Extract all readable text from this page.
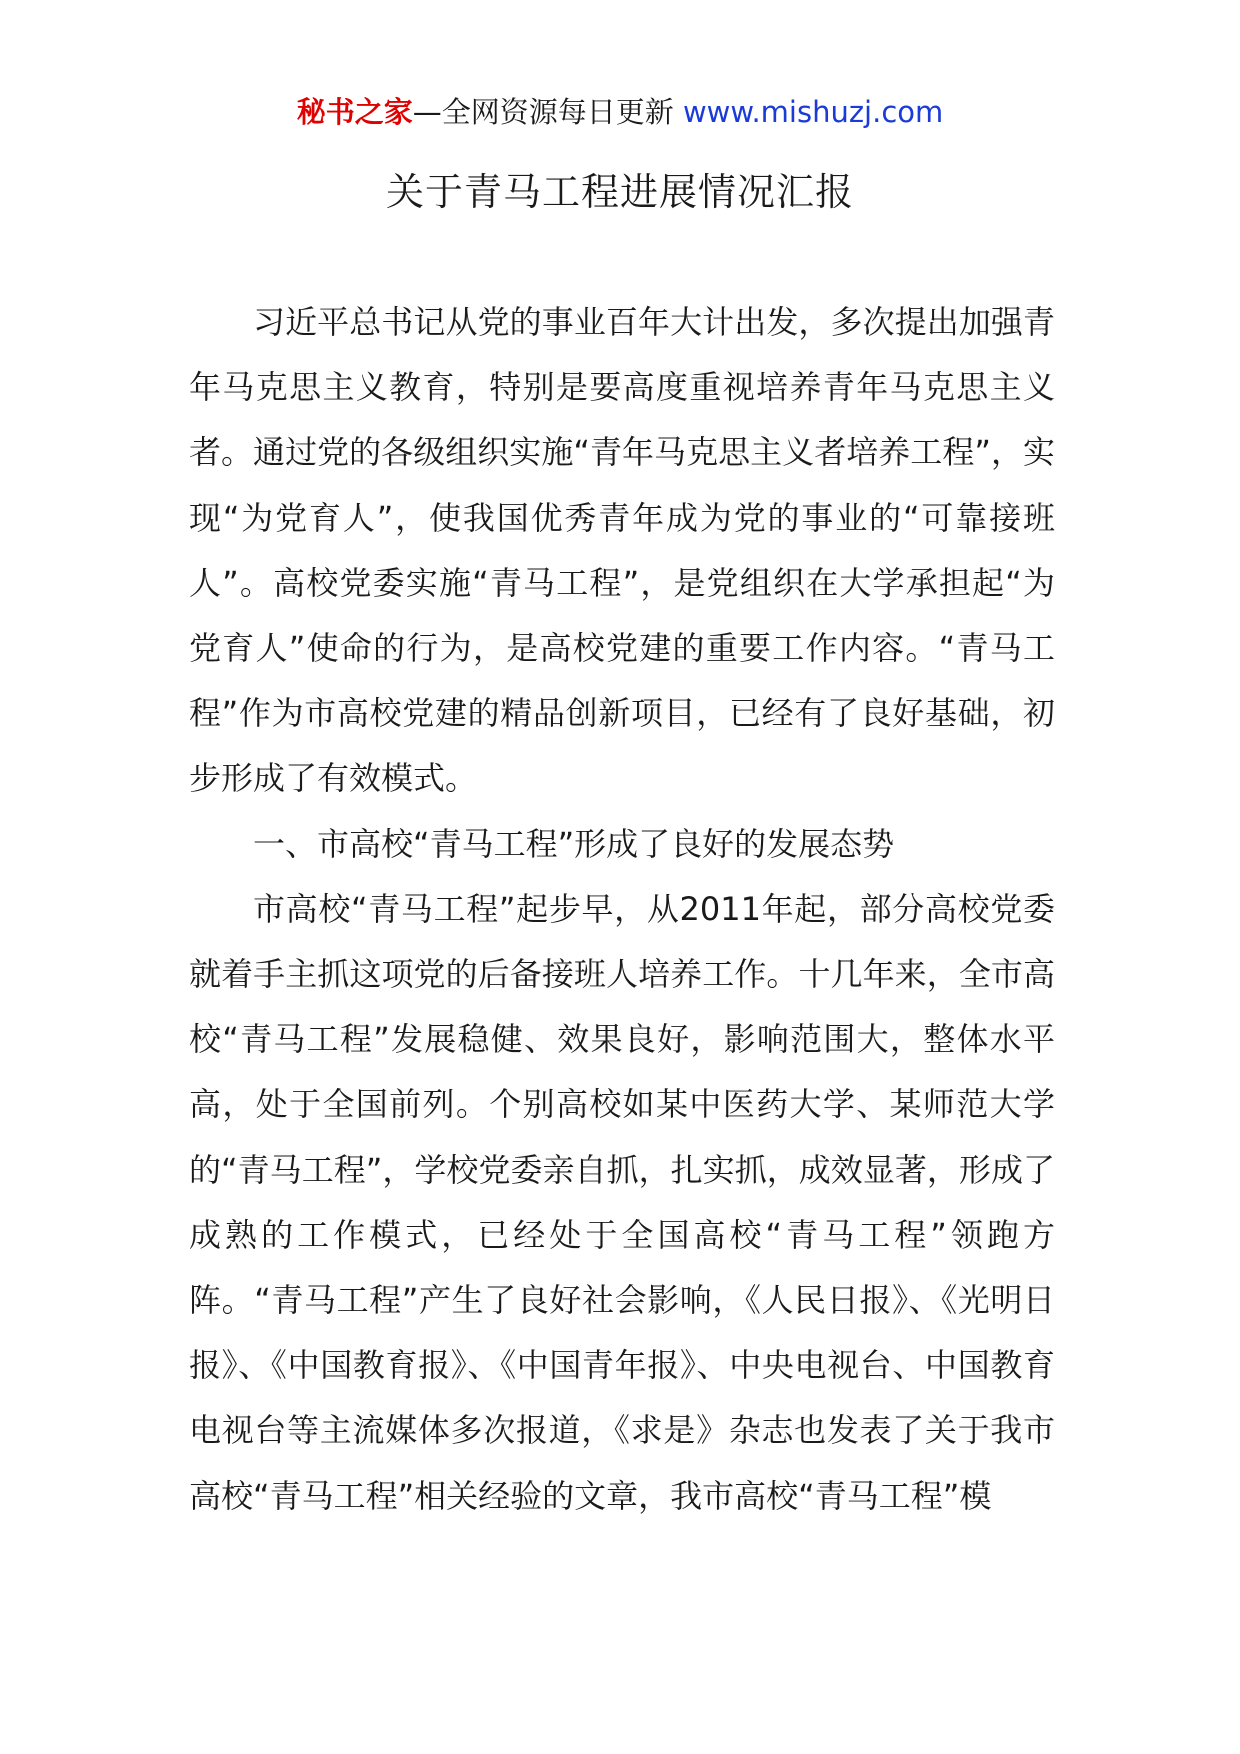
秘书之家—全网资源每日更新 www.mishuzj.com
关于青马工程进展情况汇报

习近平总书记从党的事业百年大计出发，多次提出加强青年马克思主义教育，特别是要高度重视培养青年马克思主义者。通过党的各级组织实施“青年马克思主义者培养工程”，实现“为党育人”，使我国优秀青年成为党的事业的“可靠接班人”。高校党委实施“青马工程”，是党组织在大学承担起“为党育人”使命的行为，是高校党建的重要工作内容。“青马工程”作为市高校党建的精品创新项目，已经有了良好基础，初步形成了有效模式。

一、市高校“青马工程”形成了良好的发展态势

市高校“青马工程”起步早，从2011年起，部分高校党委就着手主抓这项党的后备接班人培养工作。十几年来，全市高校“青马工程”发展稳健、效果良好，影响范围大，整体水平高，处于全国前列。个别高校如某中医药大学、某师范大学的“青马工程”，学校党委亲自抓，扎实抓，成效显著，形成了成熟的工作模式，已经处于全国高校“青马工程”领跑方阵。“青马工程”产生了良好社会影响，《人民日报》、《光明日报》、《中国教育报》、《中国青年报》、中央电视台、中国教育电视台等主流媒体多次报道，《求是》杂志也发表了关于我市高校“青马工程”相关经验的文章，我市高校“青马工程”模
